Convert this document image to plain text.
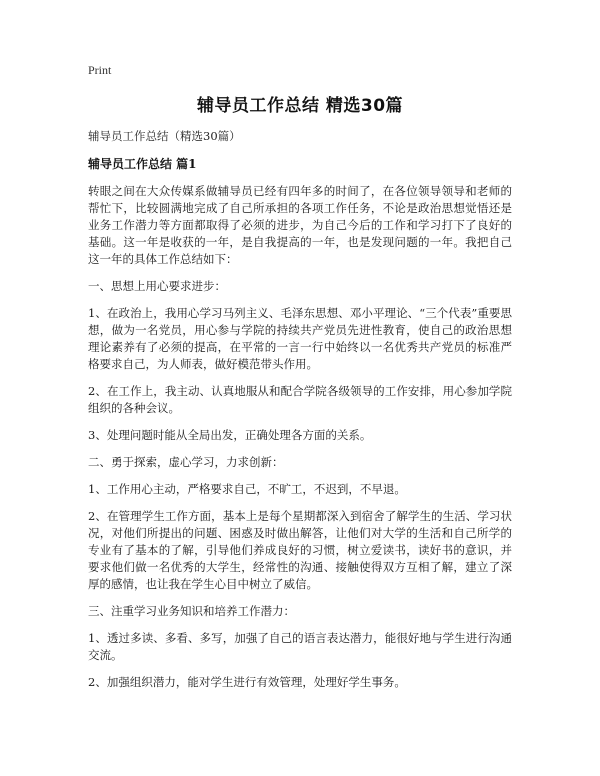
Print
辅导员工作总结 精选30篇
辅导员工作总结（精选30篇）
辅导员工作总结 篇1
转眼之间在大众传媒系做辅导员已经有四年多的时间了，在各位领导领导和老师的帮忙下，比较圆满地完成了自己所承担的各项工作任务，不论是政治思想觉悟还是业务工作潜力等方面都取得了必须的进步，为自己今后的工作和学习打下了良好的基础。这一年是收获的一年，是自我提高的一年，也是发现问题的一年。我把自己这一年的具体工作总结如下：
一、思想上用心要求进步：
1、在政治上，我用心学习马列主义、毛泽东思想、邓小平理论、“三个代表”重要思想，做为一名党员，用心参与学院的持续共产党员先进性教育，使自己的政治思想理论素养有了必须的提高，在平常的一言一行中始终以一名优秀共产党员的标准严格要求自己，为人师表，做好模范带头作用。
2、在工作上，我主动、认真地服从和配合学院各级领导的工作安排，用心参加学院组织的各种会议。
3、处理问题时能从全局出发，正确处理各方面的关系。
二、勇于探索，虚心学习，力求创新：
1、工作用心主动，严格要求自己，不旷工，不迟到，不早退。
2、在管理学生工作方面，基本上是每个星期都深入到宿舍了解学生的生活、学习状况，对他们所提出的问题、困惑及时做出解答，让他们对大学的生活和自己所学的专业有了基本的了解，引导他们养成良好的习惯，树立爱读书，读好书的意识，并要求他们做一名优秀的大学生，经常性的沟通、接触使得双方互相了解，建立了深厚的感情，也让我在学生心目中树立了威信。
三、注重学习业务知识和培养工作潜力：
1、透过多读、多看、多写，加强了自己的语言表达潜力，能很好地与学生进行沟通交流。
2、加强组织潜力，能对学生进行有效管理，处理好学生事务。
